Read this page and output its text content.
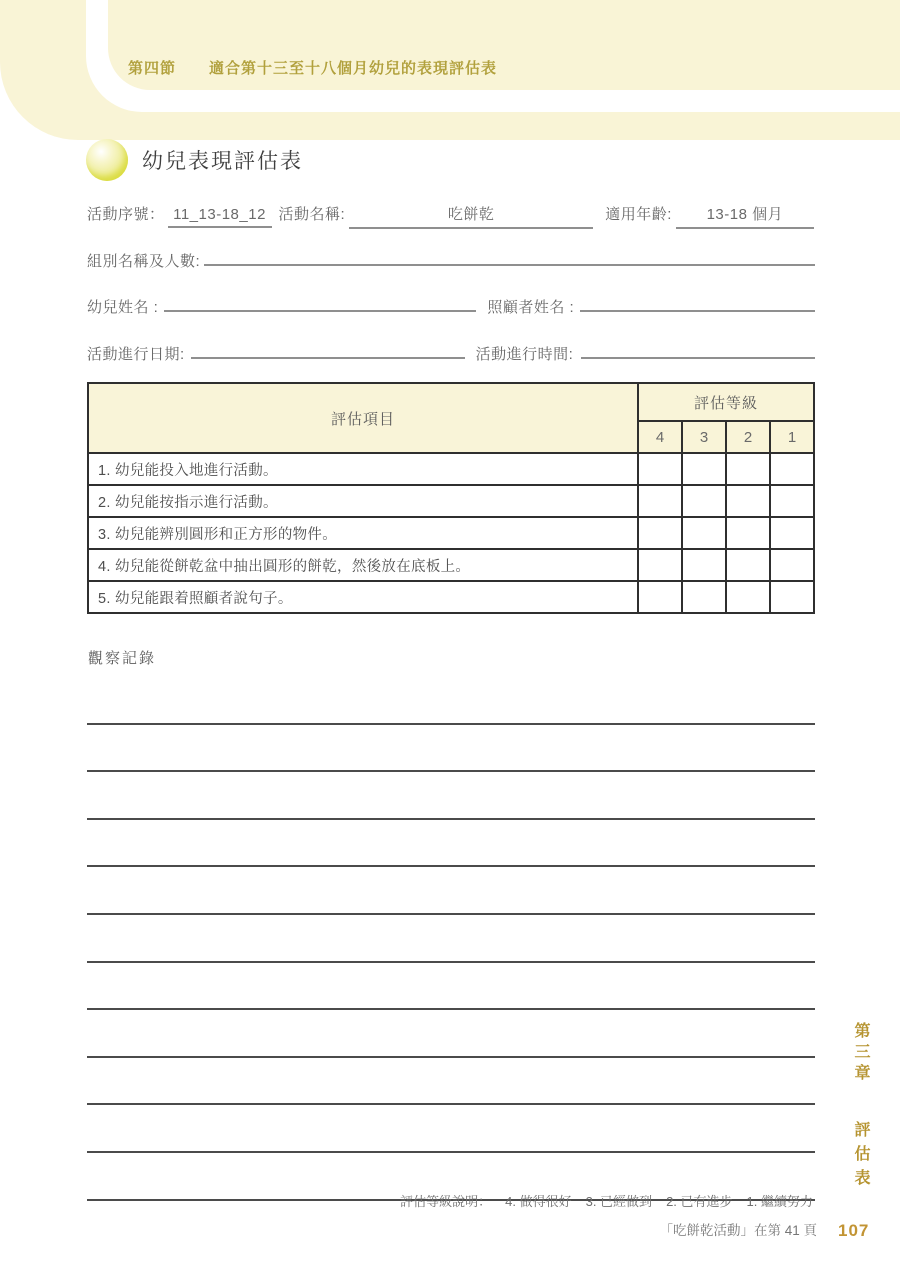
第四節 適合第十三至十八個月幼兒的表現評估表
幼兒表現評估表
活動序號： 11_13-18_12 活動名稱:	吃餅乾	適用年齡:	13-18 個月
組別名稱及人數:
幼兒姓名 :	照顧者姓名 :
活動進行日期:	活動進行時間:
評估項目	評估等級			
	4	3	2	1
1. 幼兒能投入地進行活動。				
2. 幼兒能按指示進行活動。				
3. 幼兒能辨別圓形和正方形的物件。				
4. 幼兒能從餅乾盆中抽出圓形的餅乾，然後放在底板上。				
5. 幼兒能跟着照顧者說句子。				
觀察記錄
評估等級說明： 4. 做得很好 3. 已經做到 2. 已有進步 1. 繼續努力
「吃餅乾活動」在第 41 頁 107
第三章 評估表
